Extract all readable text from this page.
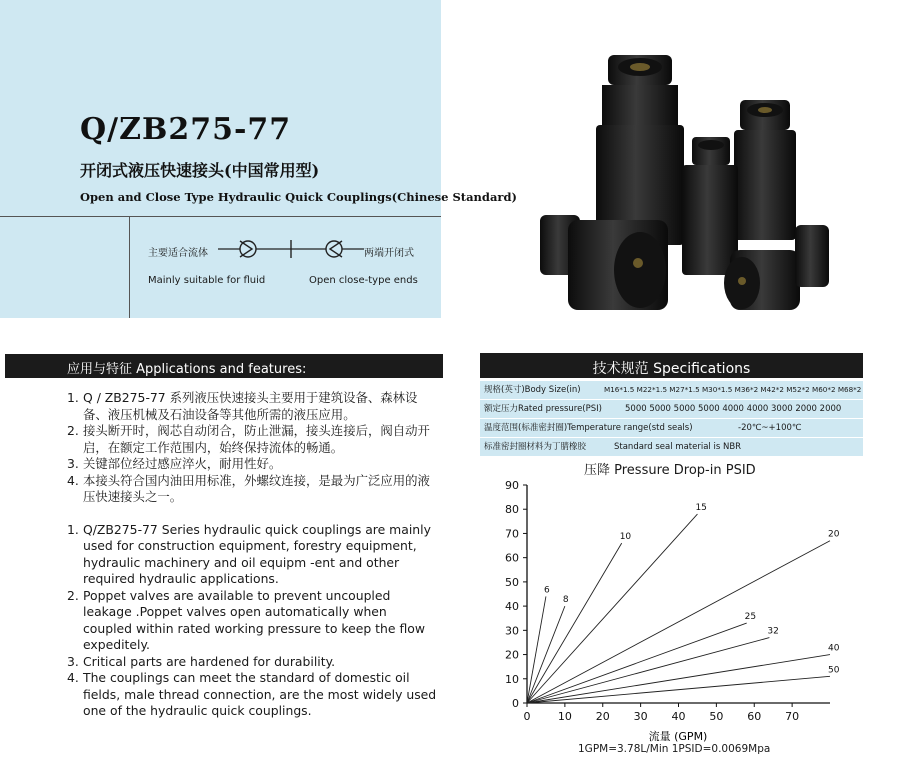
Q/ZB275-77
开闭式液压快速接头(中国常用型)
Open and Close Type Hydraulic Quick Couplings(Chinese Standard)
主要适合流体	两端开闭式
Mainly suitable for fluid	Open close-type ends
应用与特征 Applications and features:

1. Q / ZB275-77 系列液压快速接头主要用于建筑设备、森林设备、液压机械及石油设备等其他所需的液压应用。

2. 接头断开时，阀芯自动闭合，防止泄漏，接头连接后，阀自动开启，在额定工作范围内，始终保持流体的畅通。

3. 关键部位经过感应淬火，耐用性好。

4. 本接头符合国内油田用标准，外螺纹连接，是最为广泛应用的液压快速接头之一。

1. Q/ZB275-77 Series hydraulic quick couplings are mainly used for construction equipment, forestry equipment, hydraulic machinery and oil equipm -ent and other required hydraulic applications.

2. Poppet valves are available to prevent uncoupled leakage .Poppet valves open automatically when coupled within rated working pressure to keep the flow expeditely.

3. Critical parts are hardened for durability.

4. The couplings can meet the standard of domestic oil fields, male thread connection, are the most widely used one of the hydraulic quick couplings.

技术规范 Specifications
规格(英寸)Body Size(in)	M16*1.5 M22*1.5 M27*1.5 M30*1.5 M36*2 M42*2 M52*2 M60*2 M68*2
额定压力Rated pressure(PSI)	5000 5000 5000 5000 4000 4000 3000 2000 2000
温度范围(标准密封圈)Temperature range(std seals)	-20℃~+100℃
标准密封圈材料为丁腈橡胶	Standard seal material is NBR
压降 Pressure Drop-in PSID
6
8
10
15
20
25
32
40
50
0
10
20
30
40
50
60
70
80
90
0 10 20 30 40 50 60 70
流量 (GPM)
1GPM=3.78L/Min 1PSID=0.0069Mpa
